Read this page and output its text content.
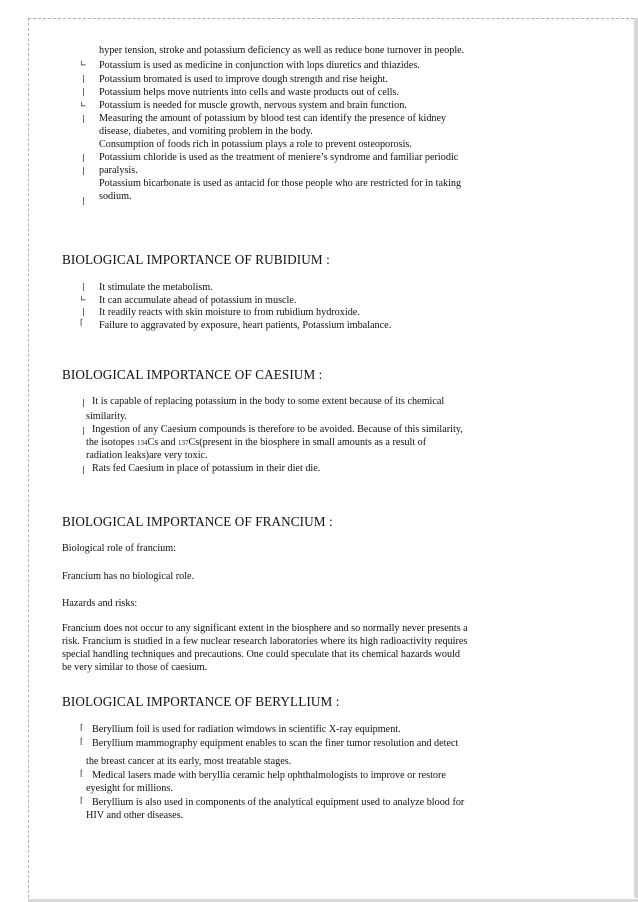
hyper tension, stroke and potassium deficiency as well as reduce bone turnover in people.
∟ Potassium is used as medicine in conjunction with lops diuretics and thiazides.
| Potassium bromated is used to improve dough strength and rise height.
| Potassium helps move nutrients into cells and waste products out of cells.
∟ Potassium is needed for muscle growth, nervous system and brain function.
| Measuring the amount of potassium by blood test can identify the presence of kidney
disease, diabetes, and vomiting problem in the body.
Consumption of foods rich in potassium plays a role to prevent osteoporosis.
| Potassium chloride is used as the treatment of meniere’s syndrome and familiar periodic
| paralysis.
Potassium bicarbonate is used as antacid for those people who are restricted for in taking
sodium.
|
BIOLOGICAL IMPORTANCE OF RUBIDIUM :
| It stimulate the metabolism.
∟ It can accumulate ahead of potassium in muscle.
| It readily reacts with skin moisture to from rubidium hydroxide.
⌈ Failure to aggravated by exposure, heart patients, Potassium imbalance.
BIOLOGICAL IMPORTANCE OF CAESIUM :
| It is capable of replacing potassium in the body to some extent because of its chemical
similarity.
| Ingestion of any Caesium compounds is therefore to be avoided. Because of this similarity,
the isotopes 134Cs and 137Cs(present in the biosphere in small amounts as a result of
radiation leaks)are very toxic.
| Rats fed Caesium in place of potassium in their diet die.
BIOLOGICAL IMPORTANCE OF FRANCIUM :
Biological role of francium:
Francium has no biological role.
Hazards and risks:
Francium does not occur to any significant extent in the biosphere and so normally never presents a
risk. Francium is studied in a few nuclear research laboratories where its high radioactivity requires
special handling techniques and precautions. One could speculate that its chemical hazards would
be very similar to those of caesium.
BIOLOGICAL IMPORTANCE OF BERYLLIUM :
⌈ Beryllium foil is used for radiation wimdows in scientific X-ray equipment.
⌈ Beryllium mammography equipment enables to scan the finer tumor resolution and detect
the breast cancer at its early, most treatable stages.
⌈ Medical lasers made with beryllia ceramic help ophthalmologists to improve or restore
eyesight for millions.
⌈ Beryllium is also used in components of the analytical equipment used to analyze blood for
HIV and other diseases.
